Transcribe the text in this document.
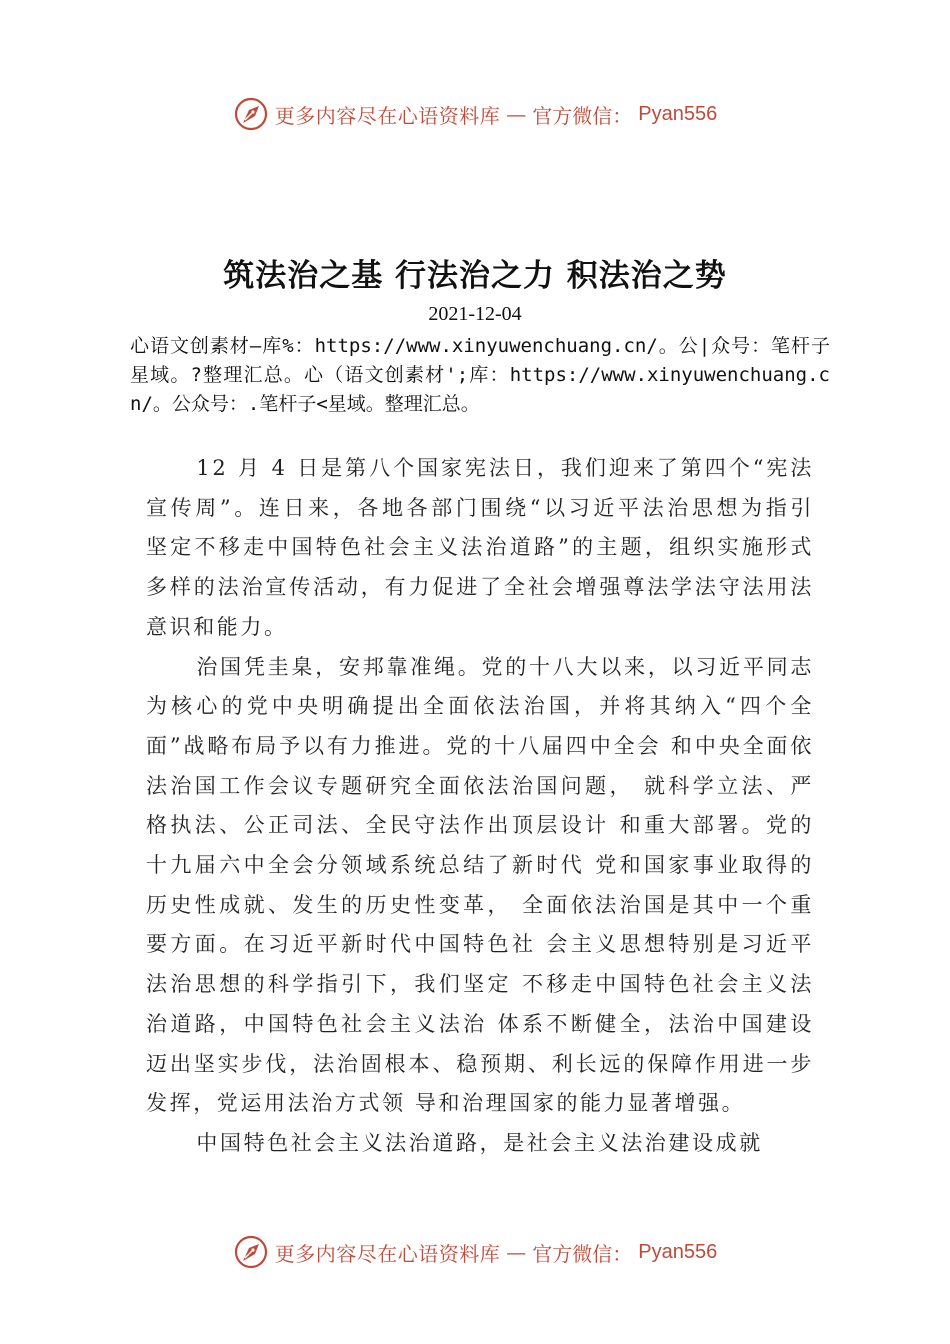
更多内容尽在心语资料库 — 官方微信： Pyan556
筑法治之基 行法治之力 积法治之势
2021-12-04
心语文创素材—库%：https://www.xinyuwenchuang.cn/。公|众号：笔杆子星域。?整理汇总。心（语文创素材';库：https://www.xinyuwenchuang.cn/。公众号：.笔杆子<星域。整理汇总。

12 月 4 日是第八个国家宪法日，我们迎来了第四个“宪法宣传周”。连日来，各地各部门围绕“以习近平法治思想为指引 坚定不移走中国特色社会主义法治道路”的主题，组织实施形式多样的法治宣传活动，有力促进了全社会增强尊法学法守法用法意识和能力。

治国凭圭臬，安邦靠准绳。党的十八大以来，以习近平同志为核心的党中央明确提出全面依法治国，并将其纳入“四个全面”战略布局予以有力推进。党的十八届四中全会 和中央全面依法治国工作会议专题研究全面依法治国问题， 就科学立法、严格执法、公正司法、全民守法作出顶层设计 和重大部署。党的十九届六中全会分领域系统总结了新时代 党和国家事业取得的历史性成就、发生的历史性变革， 全面依法治国是其中一个重要方面。在习近平新时代中国特色社 会主义思想特别是习近平法治思想的科学指引下，我们坚定 不移走中国特色社会主义法治道路，中国特色社会主义法治 体系不断健全，法治中国建设迈出坚实步伐，法治固根本、稳预期、利长远的保障作用进一步发挥，党运用法治方式领 导和治理国家的能力显著增强。

中国特色社会主义法治道路，是社会主义法治建设成就

更多内容尽在心语资料库 — 官方微信： Pyan556
